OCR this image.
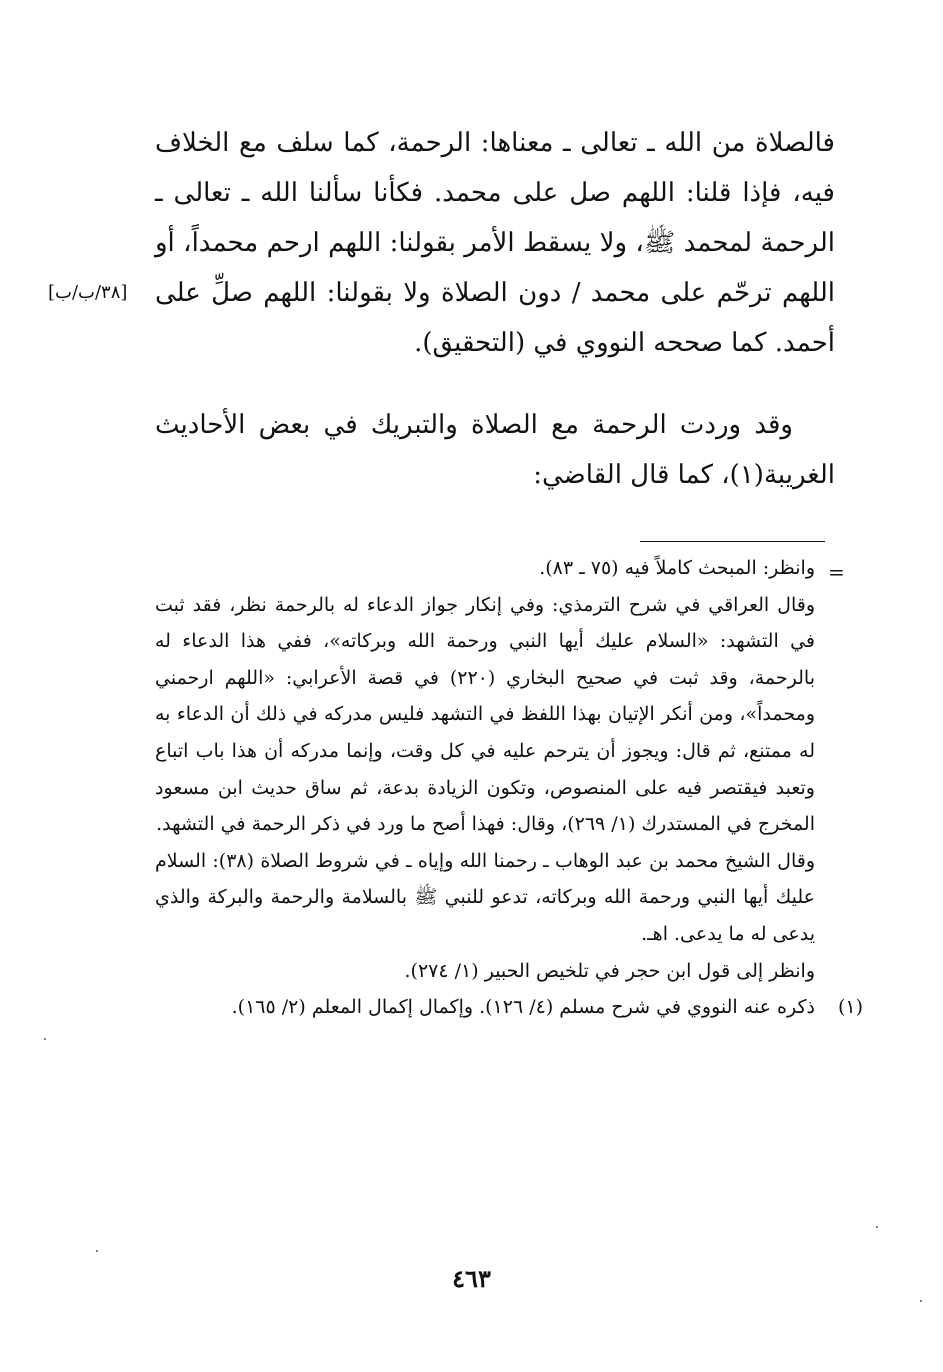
فالصلاة من الله ـ تعالى ـ معناها: الرحمة، كما سلف مع الخلاف فيه، فإذا قلنا: اللهم صل على محمد. فكأنا سألنا الله ـ تعالى ـ الرحمة لمحمد ﷺ، ولا يسقط الأمر بقولنا: اللهم ارحم محمداً، أو اللهم ترحّم على محمد / دون الصلاة ولا بقولنا: اللهم صلِّ على أحمد. كما صححه النووي في (التحقيق).

وقد وردت الرحمة مع الصلاة والتبريك في بعض الأحاديث الغريبة(١)، كما قال القاضي:

[٣٨/ب/ب]
=

وانظر: المبحث كاملاً فيه (٧٥ ـ ٨٣).

وقال العراقي في شرح الترمذي: وفي إنكار جواز الدعاء له بالرحمة نظر، فقد ثبت في التشهد: «السلام عليك أيها النبي ورحمة الله وبركاته»، ففي هذا الدعاء له بالرحمة، وقد ثبت في صحيح البخاري (٢٢٠) في قصة الأعرابي: «اللهم ارحمني ومحمداً»، ومن أنكر الإتيان بهذا اللفظ في التشهد فليس مدركه في ذلك أن الدعاء به له ممتنع، ثم قال: ويجوز أن يترحم عليه في كل وقت، وإنما مدركه أن هذا باب اتباع وتعبد فيقتصر فيه على المنصوص، وتكون الزيادة بدعة، ثم ساق حديث ابن مسعود المخرج في المستدرك (١/ ٢٦٩)، وقال: فهذا أصح ما ورد في ذكر الرحمة في التشهد.

وقال الشيخ محمد بن عبد الوهاب ـ رحمنا الله وإياه ـ في شروط الصلاة (٣٨): السلام عليك أيها النبي ورحمة الله وبركاته، تدعو للنبي ﷺ بالسلامة والرحمة والبركة والذي يدعى له ما يدعى. اهـ.

وانظر إلى قول ابن حجر في تلخيص الحبير (١/ ٢٧٤).

(١)
ذكره عنه النووي في شرح مسلم (٤/ ١٢٦). وإكمال إكمال المعلم (٢/ ١٦٥).

٤٦٣
